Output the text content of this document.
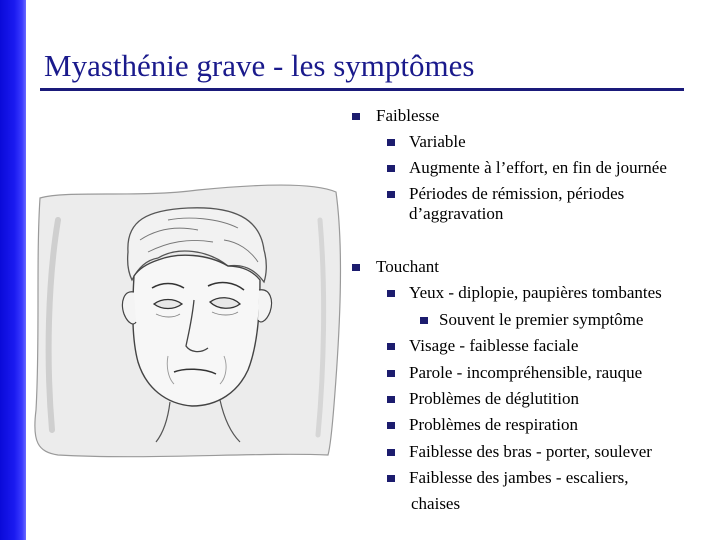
Myasthénie grave - les symptômes
Faiblesse
Variable
Augmente à l’effort, en fin de journée
Périodes de rémission, périodes
d’aggravation
Touchant
Yeux - diplopie, paupières tombantes
Souvent le premier symptôme
Visage - faiblesse faciale
Parole - incompréhensible, rauque
Problèmes de déglutition
Problèmes de respiration
Faiblesse des bras - porter, soulever
Faiblesse des jambes - escaliers,
chaises
